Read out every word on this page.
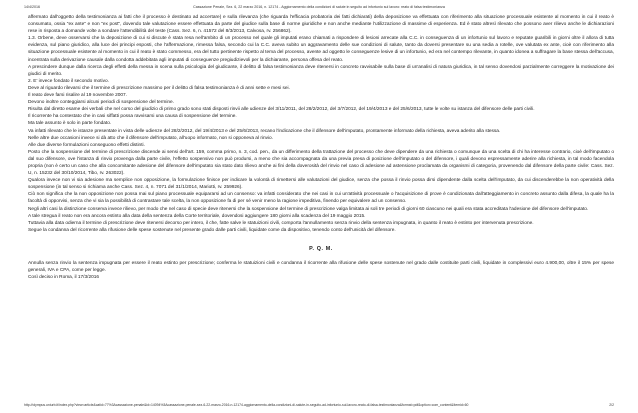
14/4/2016	Cassazione Penale, Sez. 6, 22 marzo 2016, n. 12174 - Aggiornamento della condizioni di salute in seguito ad infortunio sul lavoro: reato di falsa testimonianza

affermato dall'oggetto della testimonianza ai fatti che il processo è destinato ad accertare) e sulla rilevanza (che riguarda l'efficacia probatoria dei fatti dichiarati) della deposizione va effettuata con riferimento alla situazione processuale esistente al momento in cui il reato è consumato, ossia "ex ante" e non "ex post", dovendo tale valutazione essere effettuata da parte del giudice sulla base di norme giuridiche e non anche mediante l'utilizzazione di massime di esperienza. Ed è stato altresì rilevato che possono aver rilievo anche le dichiarazioni rese in risposta a domande volte a sondare l'attendibilità del teste (Cass. Sez. 6, n. 41572 del 8/3/2013, Calvosa, rv. 256862).

1.3. Orbene, deve osservarsi che la deposizione di cui si discute è stata resa nell'ambito di un processo nel quale gli imputati erano chiamati a rispondere di lesioni arrecate alla C.C. in conseguenza di un infortunio sul lavoro e reputate guaribili in giorni oltre il allora di tutta evidenza, sul piano giuridico, alla luce dei principi esposti, che l'affermazione, rimessa falsa, secondo cui la C.C. aveva subito un aggravamento delle sue condizioni di salute, tanto da doversi presentare su una sedia a rotelle, ove valutata ex ante, cioè con riferimento alla situazione processuale esistente al momento in cui il reato è stato commesso, era del tutto pertinente rispetto al tema del processo, avente ad oggetto le conseguenze lesive di un infortunio, ed era nel contempo rilevante, in quanto idonea a suffragare la base stessa dell'accusa, incentrata sulla derivazione causale dalla condotta addebitata agli imputati di conseguenze pregiudizievoli per la dichiarante, persona offesa del reato.

A prescindere dunque dalla ricerca degli effetti della messa in scena sulla psicologia del giudicante, il delitto di falsa testimonianza deve ritenersi in concreto ravvisabile sulla base di un'analisi di natura giuridica, in tal senso dovendosi parzialmente correggere la motivazione dei giudici di merito.

2. E' invece fondato il secondo motivo.

Deve al riguardo rilevarsi che il termine di prescrizione massimo per il delitto di falsa testimonianza è di anni sette e mesi sei.

Il reato deve farsi risalire al 19 novembre 2007.

Devono inoltre conteggiarsi alcuni periodi di sospensione del termine.

Risulta dal diretto esame dei verbali che nel corso del giudizio di primo grado sono stati disposti rinvii alle udienze del 3/11/2011, del 28/2/2012, del 3/7/2012, del 19/4/2013 e del 25/6/2013, tutte le volte su istanza del difensore delle parti civili.

Il ricorrente ha contestato che in casi siffatti possa ravvisarsi una causa di sospensione del termine.

Ma tale assunto è solo in parte fondato.

Va infatti rilevato che le istanze presentate in vista delle udienze del 28/2/2012, del 19/4/2013 e del 25/6/2013, recano l'indicazione che il difensore dell'imputato, prontamente informato della richiesta, aveva aderito alla stessa.

Nelle altre due occasioni invece si dà atto che il difensore dell'imputato, all'uopo informato, non si opponeva al rinvio.

Alle due diverse formulazioni conseguono effetti distinti.

Posto che la sospensione del termine di prescrizione discende ai sensi dell'art. 159, comma primo, n. 3, cod. pen., da un differimento della trattazione del processo che deve dipendere da una richiesta o comunque da una scelta di chi ha interesse contrario, cioè dell'imputato o dal suo difensore, ove l'istanza di rinvio provenga dalla parte civile, l'effetto sospensivo non può prodursi, a meno che sia accompagnata da una previa presa di posizione dell'imputato o del difensore, i quali devono espressamente aderire alla richiesta, in tal modo facendola propria (non è certo un caso che alla concomitante adesione del difensore dell'imputato sia stato dato rilievo anche ai fini della doverosità del rinvio nel caso di adesione ad astensione proclamata da organismi di categoria, provenendo dal difensore della parte civile: Cass. Sez. U, n. 15232 del 30/10/2014, Tibo, rv. 263022).

Qualora invece non vi sia adesione ma semplice non opposizione, la formulazione finisce per indicare la volontà di rimettersi alle valutazioni del giudice, senza che possa il rinvio possa dirsi dipendente dalla scelta dell'imputato, da cui discenderebbe la non operatività della sospensione (in tal senso si richiama anche Cass. Sez. 4, n. 7071 del 31/1/2014, Mariotti, rv. 259926).

Ciò non significa che la non opposizione non possa mai sul piano processuale equipararsi ad un consenso: va infatti considerato che nei casi in cui un'attività processuale o l'acquisizione di prove è condizionata dall'atteggiamento in concreto assunto dalla difesa, la quale ha la facoltà di opporvisi, senza che vi sia la possibilità di contrastare tale scelta, la non opposizione fa di per sé venir meno la ragione impeditiva, finendo per equivalere ad un consenso.

Negli altri casi la distinzione conserva invece rilievo, per modo che nel caso di specie deve ritenersi che la sospensione del termine di prescrizione valga limitata ai soli tre periodi di giorni 60 ciascuno nei quali era stata accreditata l'adesione del difensore dell'imputato.

A tale stregua il reato non era ancora estinto alla data della sentenza della Corte territoriale, dovendosi aggiungere 180 giorni alla scadenza del 19 maggio 2015.

Tuttavia alla data odierna il termine di prescrizione deve ritenersi decorso per intero, il che, fatte salve le statuizioni civili, comporta l'annullamento senza rinvio della sentenza impugnata, in quanto il reato è estinto per intervenuta prescrizione.

Segue la condanna del ricorrente alla rifusione delle spese sostenute nel presente grado dalle parti civili, liquidate come da dispositivo, tenendo conto dell'unicità del difensore.

P. Q. M.

Annulla senza rinvio la sentenza impugnata per essere il reato estinto per prescrizione; conferma le statuizioni civili e condanna il ricorrente alla rifusione delle spese sostenute nel grado dalle costituite parti civili, liquidate in complessivi euro 4.900,00, oltre il 15% per spese generali, IVA e CPA, come per legge.

Così deciso in Roma, il 17/3/2016

http://olympus.uniurb.it/index.php?view=article&catid=77%3Acassazione-penale&id=14094%3Acassazione-penale-sez-6-22-marzo-2016-n-12174-aggiornamento-della-condizioni-di-salute-in-seguito-ad-infortunio-sul-lavoro-reato-di-falsa-testimonianza&format=pdf&option=com_content&Itemid=60	2/2
